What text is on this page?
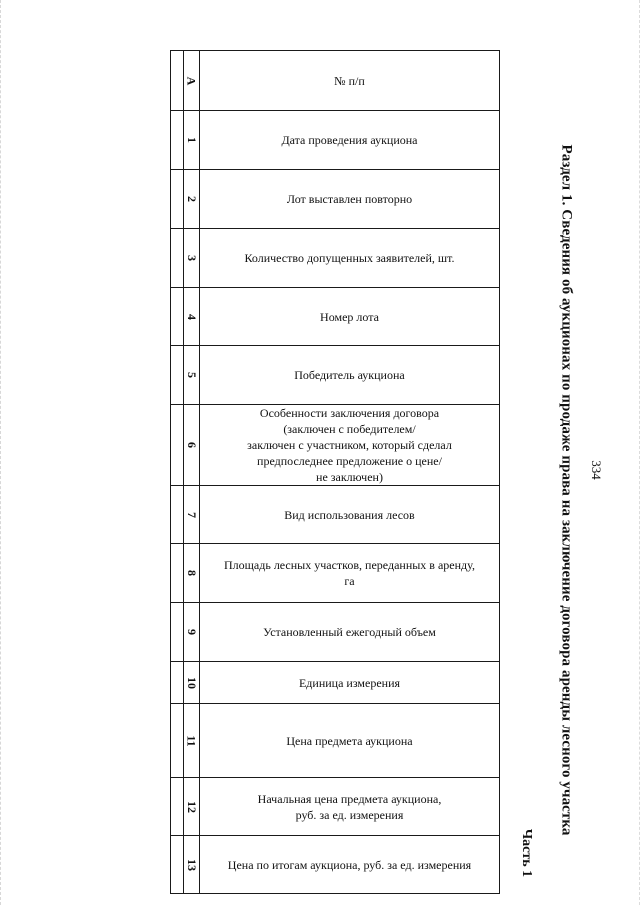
	А	№ п/п
	1	Дата проведения аукциона
	2	Лот выставлен повторно
	3	Количество допущенных заявителей, шт.
	4	Номер лота
	5	Победитель аукциона
	6	Особенности заключения договора
(заключен с победителем/
заключен с участником, который сделал
предпоследнее предложение о цене/
не заключен)
	7	Вид использования лесов
	8	Площадь лесных участков, переданных в аренду,
га
	9	Установленный ежегодный объем
	10	Единица измерения
	11	Цена предмета аукциона
	12	Начальная цена предмета аукциона,
руб. за ед. измерения
	13	Цена по итогам аукциона, руб. за ед. измерения
Раздел 1. Сведения об аукционах по продаже права на заключение договора аренды лесного участка 334
Часть 1
